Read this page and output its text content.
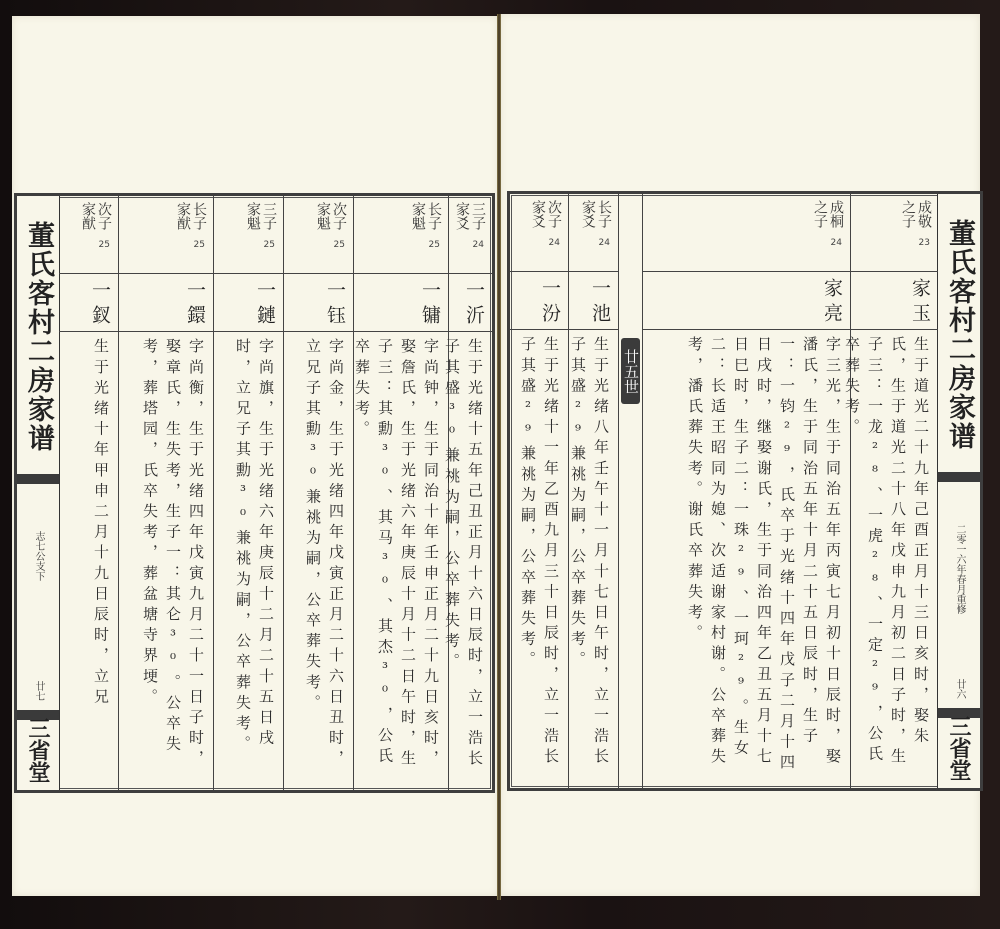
董氏客村二房家谱
志七公支下
廿七
三省堂
三子家爻
24
一沂

生于光绪十五年己丑正月十六日辰时，立一浩长子其盛³⁰兼祧为嗣，公卒葬失考。

长子家魁
25
一镛

字尚钟，生于同治十年壬申正月二十九日亥时，娶詹氏，生于光绪六年庚辰十月十二日午时，生子三：其勳³⁰、其马³⁰、其杰³⁰，公氏卒葬失考。

次子家魁
25
一钰

字尚金，生于光绪四年戊寅正月二十六日丑时，立兄子其勳³⁰兼祧为嗣，公卒葬失考。

三子家魁
25
一鏈

字尚旗，生于光绪六年庚辰十二月二十五日戌时，立兄子其勳³⁰兼祧为嗣，公卒葬失考。

长子家猷
25
一鐶

字尚衡，生于光绪四年戊寅九月二十一日子时，娶章氏，生失考，生子一：其仑³⁰。公卒失考，葬塔园，氏卒失考，葬盆塘寺界埂。

次子家猷
25
一釵

生于光绪十年甲申二月十九日辰时，立兄

董氏客村二房家谱
二零一六年春月重修
廿六
三省堂
成敬之子
23
家玉

生于道光二十九年己酉正月十三日亥时，娶朱氏，生于道光二十八年戊申九月初二日子时，生子三：一龙²⁸、一虎²⁸、一定²⁹，公氏卒葬失考。

成桐之子
24
家亮

字三光，生于同治五年丙寅七月初十日辰时，娶潘氏，生于同治五年十月二十五日辰时，生子一：一钧²⁹，氏卒于光绪十四年戊子二月十四日戌时，继娶谢氏，生于同治四年乙丑五月十七日巳时，生子二：一珠²⁹、一珂²⁹。生女二：长适王昭同为媳、次适谢家村谢。公卒葬失考，潘氏葬失考。谢氏卒葬失考。

廿五世
长子家爻
24
一池

生于光绪八年壬午十一月十七日午时，立一浩长子其盛²⁹兼祧为嗣，公卒葬失考。

次子家爻
24
一汾

生于光绪十一年乙酉九月三十日辰时，立一浩长子其盛²⁹兼祧为嗣，公卒葬失考。
